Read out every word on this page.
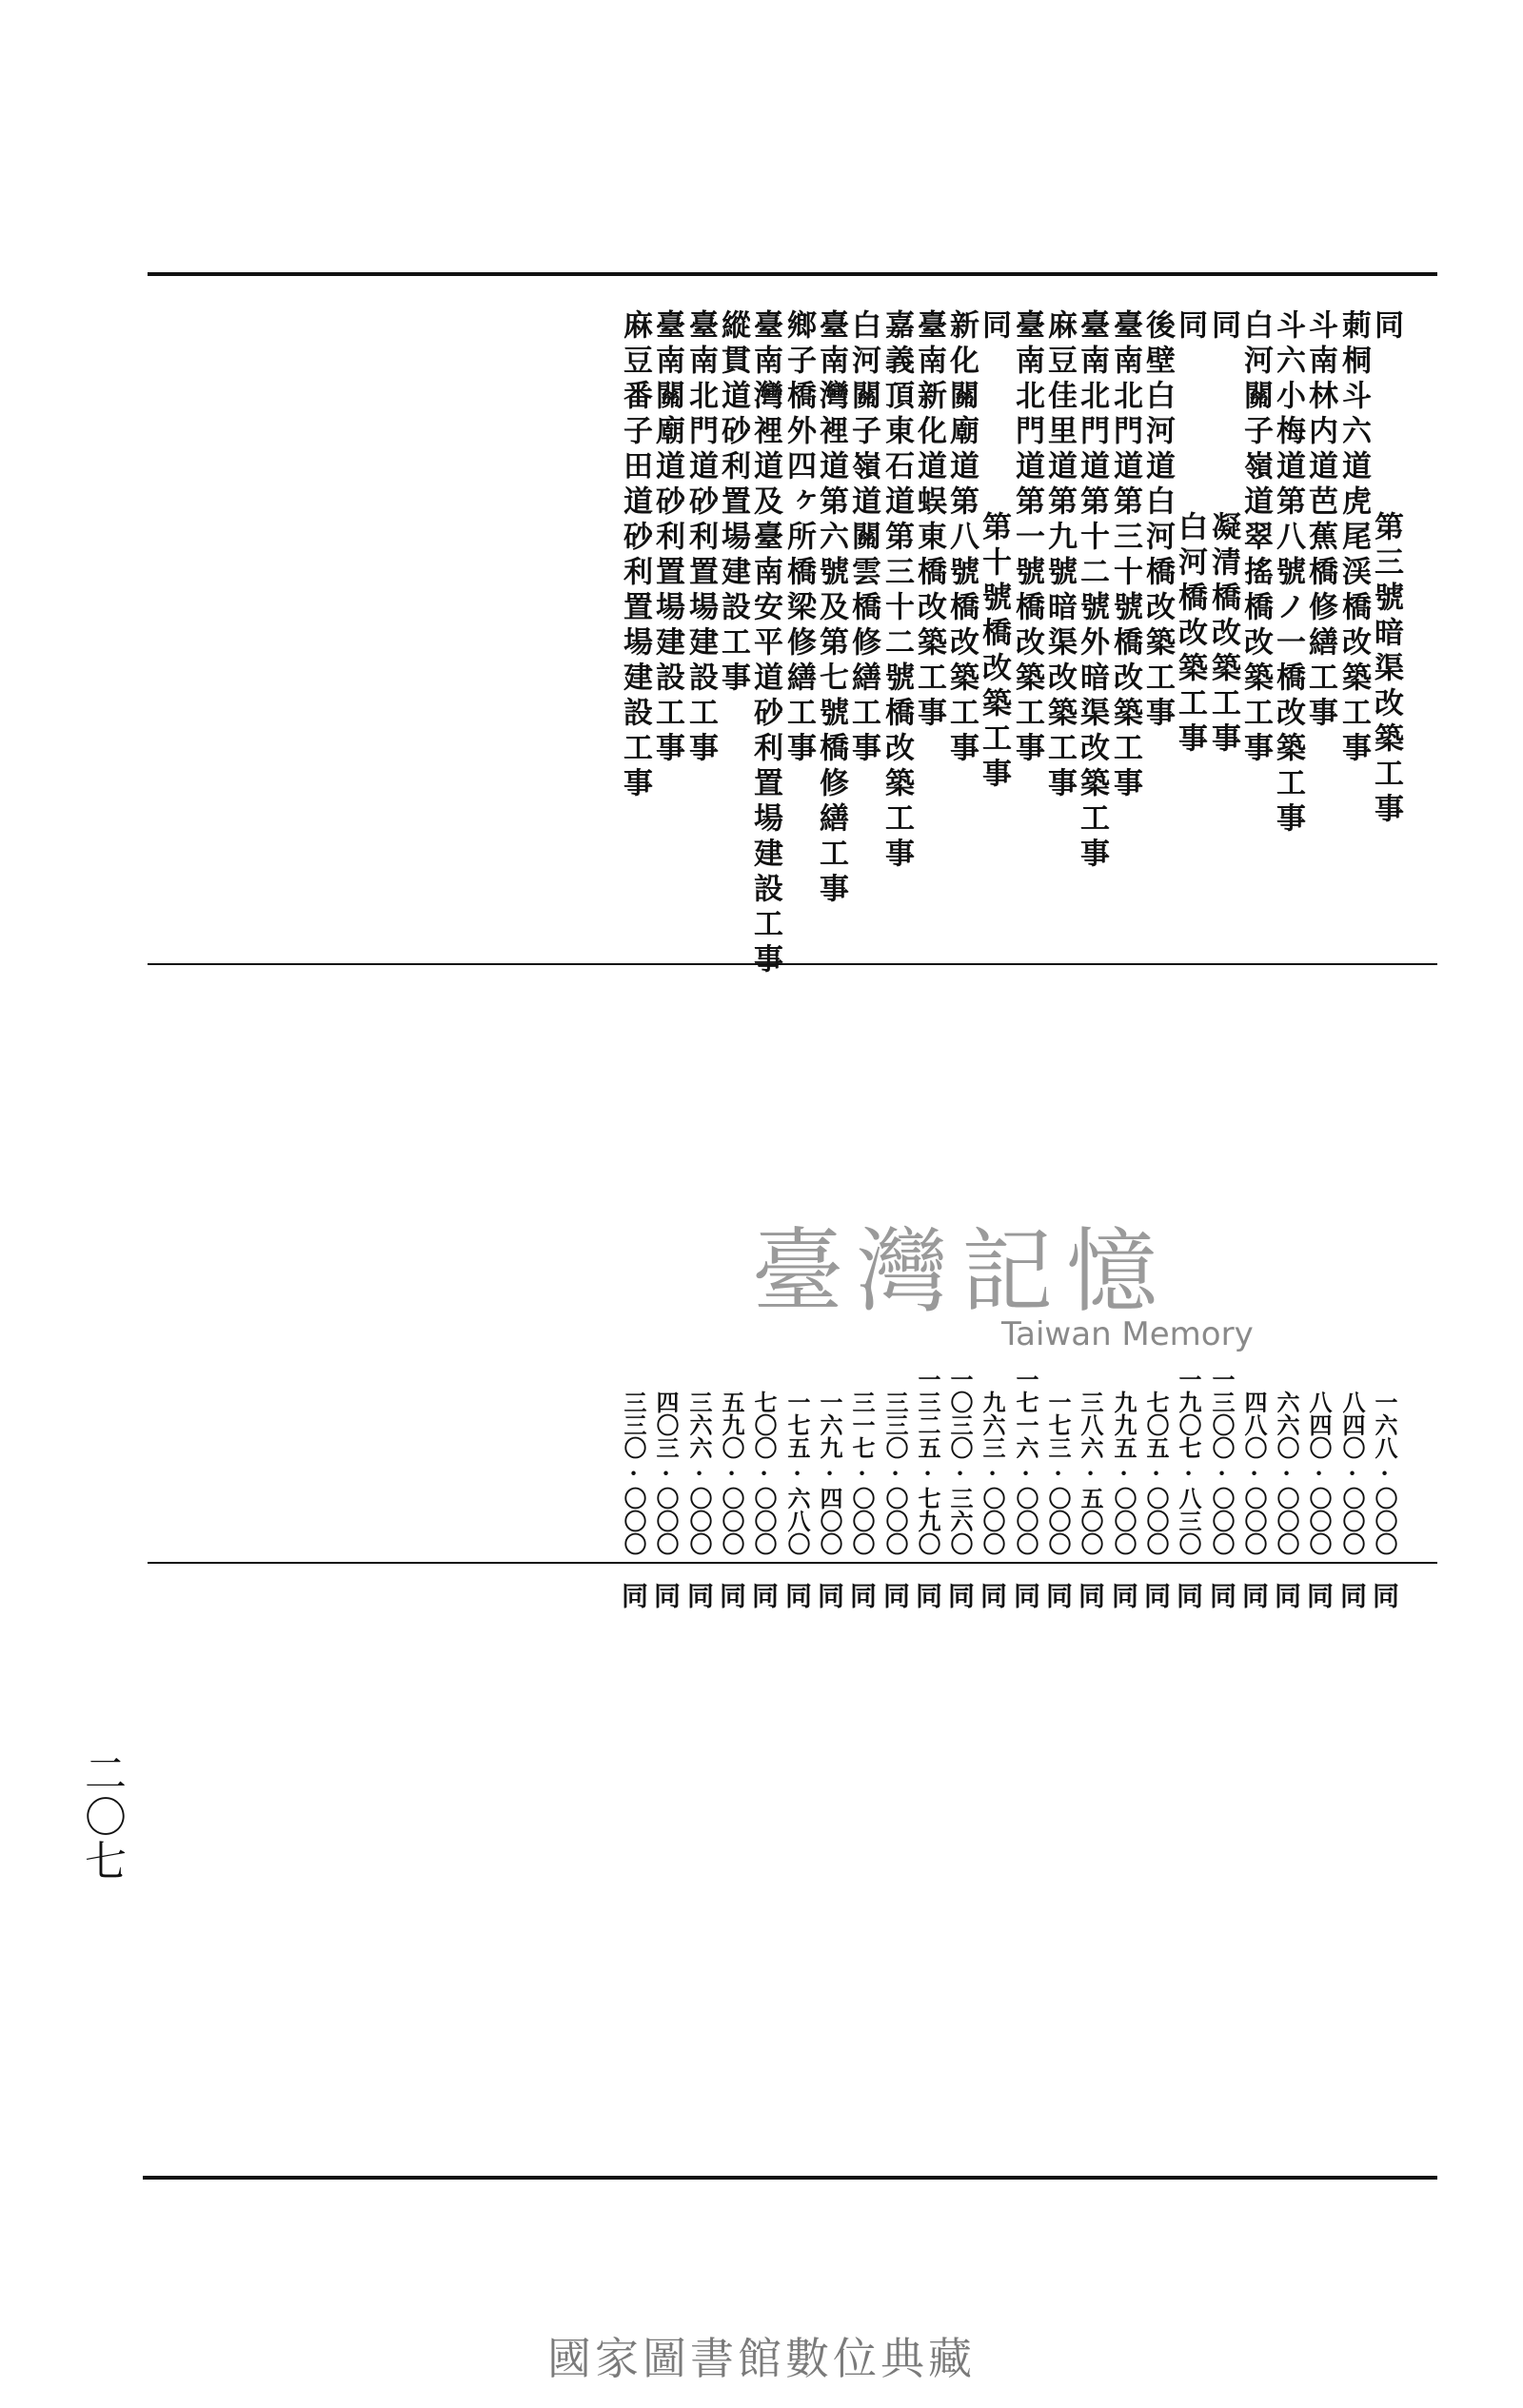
同第三號暗渠改築工事
一六八·〇〇〇
同
莿桐斗六道虎尾渓橋改築工事
八四〇·〇〇〇
同
斗南林内道芭蕉橋修繕工事
八四〇·〇〇〇
同
斗六小梅道第八號ノ一橋改築工事
六六〇·〇〇〇
同
白河關子嶺道翠搖橋改築工事
四八〇·〇〇〇
同
同凝清橋改築工事
一三〇〇·〇〇〇
同
同白河橋改築工事
一九〇七·八三〇
同
後壁白河道白河橋改築工事
七〇五·〇〇〇
同
臺南北門道第三十號橋改築工事
九九五·〇〇〇
同
臺南北門道第十二號外暗渠改築工事
三八六·五〇〇
同
麻豆佳里道第九號暗渠改築工事
一七三·〇〇〇
同
臺南北門道第一號橋改築工事
一七一六·〇〇〇
同
同第十號橋改築工事
九六三·〇〇〇
同
新化關廟道第八號橋改築工事
一〇三〇·三六〇
同
臺南新化道蜈東橋改築工事
一三二五·七九〇
同
嘉義頂東石道第三十二號橋改築工事
三三〇·〇〇〇
同
白河關子嶺道關雲橋修繕工事
三一七·〇〇〇
同
臺南灣裡道第六號及第七號橋修繕工事
一六九·四〇〇
同
鄉子橋外四ヶ所橋梁修繕工事
一七五·六八〇
同
臺南灣裡道及臺南安平道砂利置場建設工事
七〇〇·〇〇〇
同
縱貫道砂利置場建設工事
五九〇·〇〇〇
同
臺南北門道砂利置場建設工事
三六六·〇〇〇
同
臺南關廟道砂利置場建設工事
四〇三·〇〇〇
同
麻豆番子田道砂利置場建設工事
三三〇·〇〇〇
同
二〇七
臺灣記憶
Taiwan Memory
國家圖書館數位典藏
